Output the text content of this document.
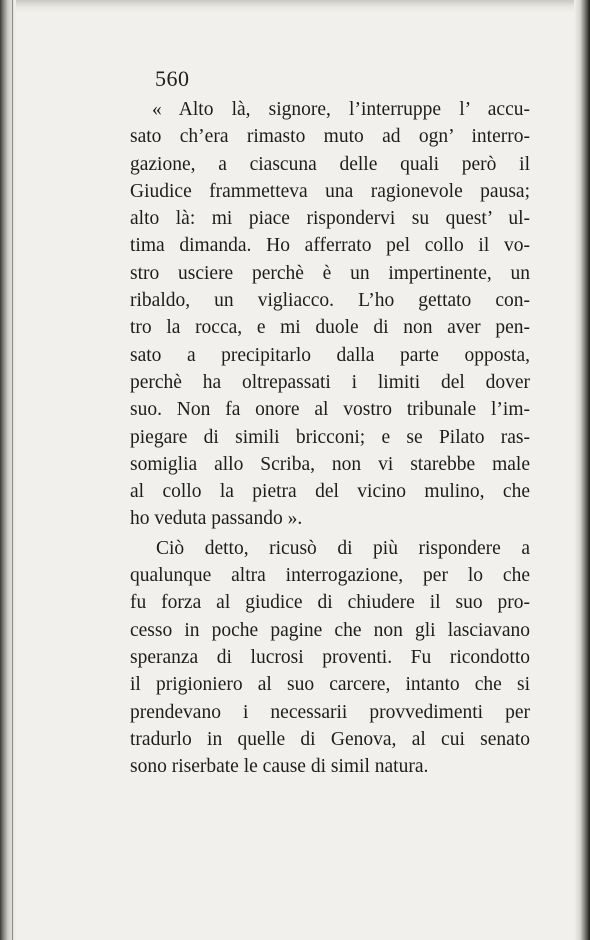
560
« Alto là, signore, l’interruppe l’ accu-
sato ch’era rimasto muto ad ogn’ interro-
gazione, a ciascuna delle quali però il
Giudice frammetteva una ragionevole pausa;
alto là: mi piace rispondervi su quest’ ul-
tima dimanda. Ho afferrato pel collo il vo-
stro usciere perchè è un impertinente, un
ribaldo, un vigliacco. L’ho gettato con-
tro la rocca, e mi duole di non aver pen-
sato a precipitarlo dalla parte opposta,
perchè ha oltrepassati i limiti del dover
suo. Non fa onore al vostro tribunale l’im-
piegare di simili bricconi; e se Pilato ras-
somiglia allo Scriba, non vi starebbe male
al collo la pietra del vicino mulino, che
ho veduta passando ».
Ciò detto, ricusò di più rispondere a
qualunque altra interrogazione, per lo che
fu forza al giudice di chiudere il suo pro-
cesso in poche pagine che non gli lasciavano
speranza di lucrosi proventi. Fu ricondotto
il prigioniero al suo carcere, intanto che si
prendevano i necessarii provvedimenti per
tradurlo in quelle di Genova, al cui senato
sono riserbate le cause di simil natura.
